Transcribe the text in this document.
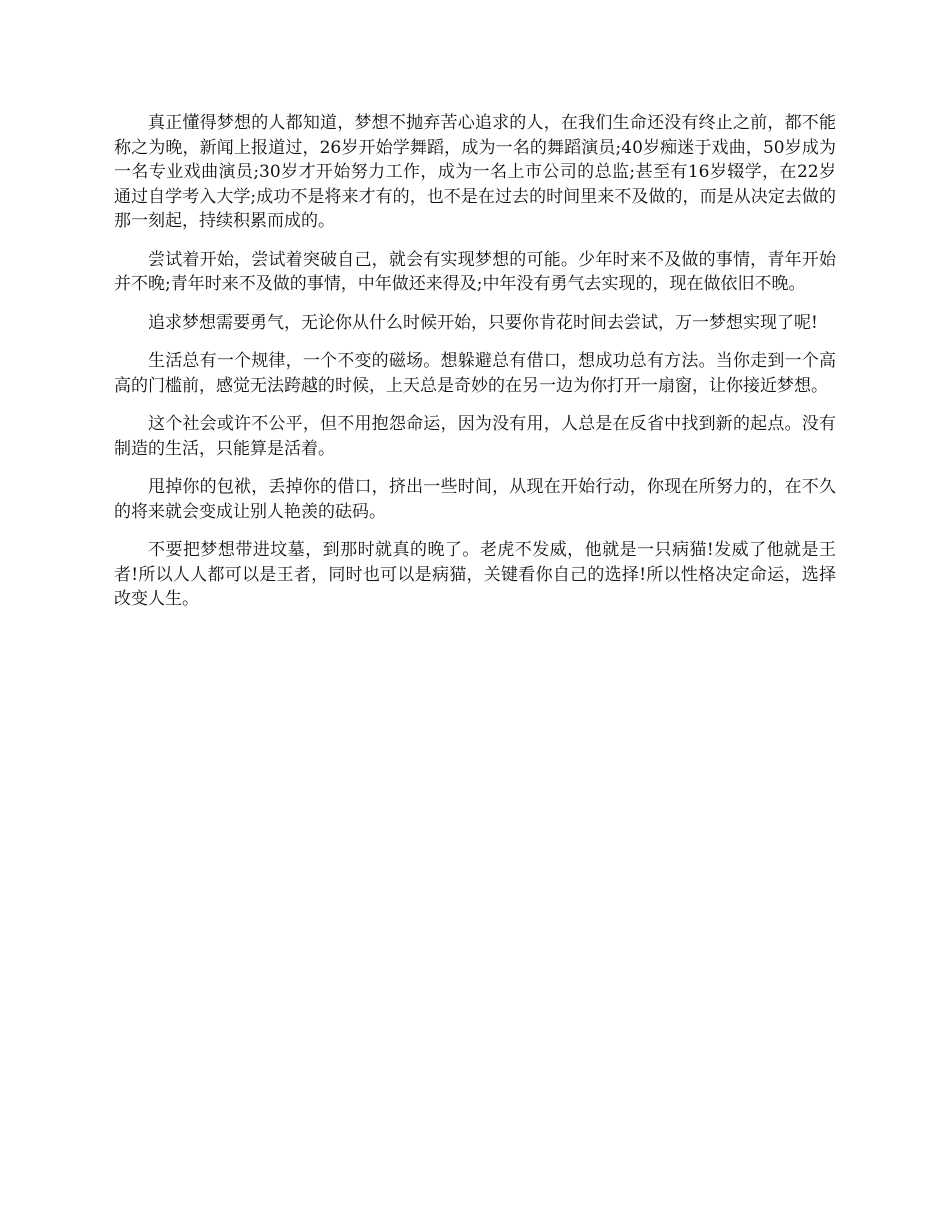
真正懂得梦想的人都知道，梦想不抛弃苦心追求的人，在我们生命还没有终止之前，都不能称之为晚，新闻上报道过，26岁开始学舞蹈，成为一名的舞蹈演员;40岁痴迷于戏曲，50岁成为一名专业戏曲演员;30岁才开始努力工作，成为一名上市公司的总监;甚至有16岁辍学，在22岁通过自学考入大学;成功不是将来才有的，也不是在过去的时间里来不及做的，而是从决定去做的那一刻起，持续积累而成的。

尝试着开始，尝试着突破自己，就会有实现梦想的可能。少年时来不及做的事情，青年开始并不晚;青年时来不及做的事情，中年做还来得及;中年没有勇气去实现的，现在做依旧不晚。

追求梦想需要勇气，无论你从什么时候开始，只要你肯花时间去尝试，万一梦想实现了呢!

生活总有一个规律，一个不变的磁场。想躲避总有借口，想成功总有方法。当你走到一个高高的门槛前，感觉无法跨越的时候，上天总是奇妙的在另一边为你打开一扇窗，让你接近梦想。

这个社会或许不公平，但不用抱怨命运，因为没有用，人总是在反省中找到新的起点。没有制造的生活，只能算是活着。

甩掉你的包袱，丢掉你的借口，挤出一些时间，从现在开始行动，你现在所努力的，在不久的将来就会变成让别人艳羡的砝码。

不要把梦想带进坟墓，到那时就真的晚了。老虎不发威，他就是一只病猫!发威了他就是王者!所以人人都可以是王者，同时也可以是病猫，关键看你自己的选择!所以性格决定命运，选择改变人生。
